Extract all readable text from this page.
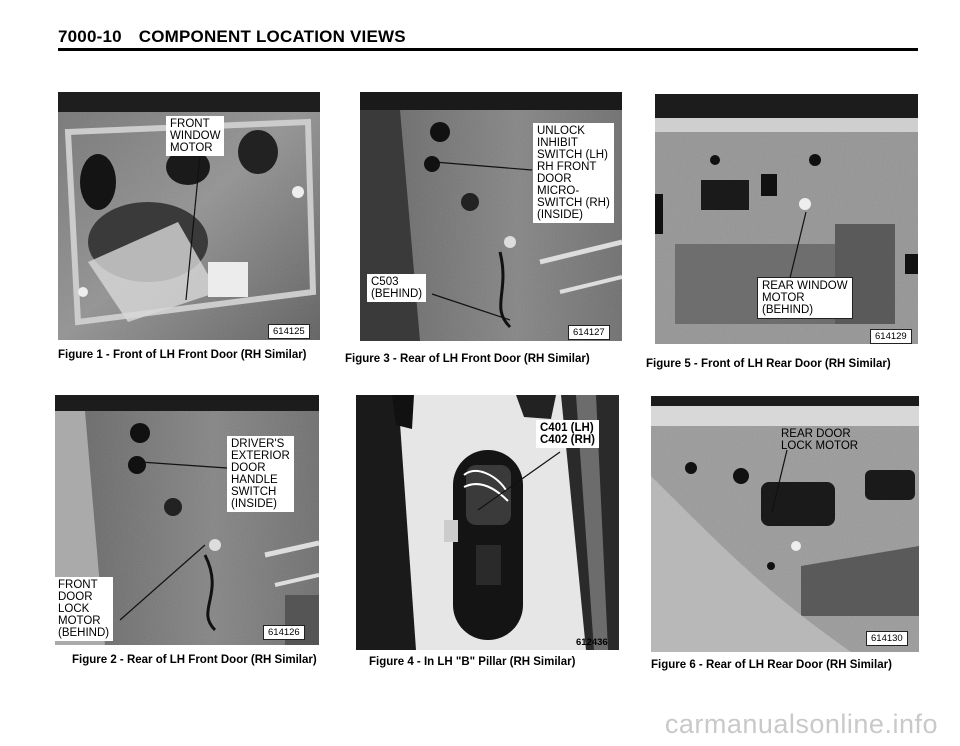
7000-10 COMPONENT LOCATION VIEWS
FRONT
WINDOW
MOTOR
614125
Figure 1 - Front of LH Front Door (RH Similar)
UNLOCK
INHIBIT
SWITCH (LH)
RH FRONT
DOOR
MICRO-
SWITCH (RH)
(INSIDE)
C503
(BEHIND)
614127
Figure 3 - Rear of LH Front Door (RH Similar)
REAR WINDOW
MOTOR
(BEHIND)
614129
Figure 5 - Front of LH Rear Door (RH Similar)
DRIVER'S
EXTERIOR
DOOR
HANDLE
SWITCH
(INSIDE)
FRONT
DOOR
LOCK
MOTOR
(BEHIND)	614126
Figure 2 - Rear of LH Front Door (RH Similar)
C401 (LH)
C402 (RH)
612436
Figure 4 - In LH "B" Pillar (RH Similar)
REAR DOOR
LOCK MOTOR
614130
Figure 6 - Rear of LH Rear Door (RH Similar)
carmanualsonline.info
